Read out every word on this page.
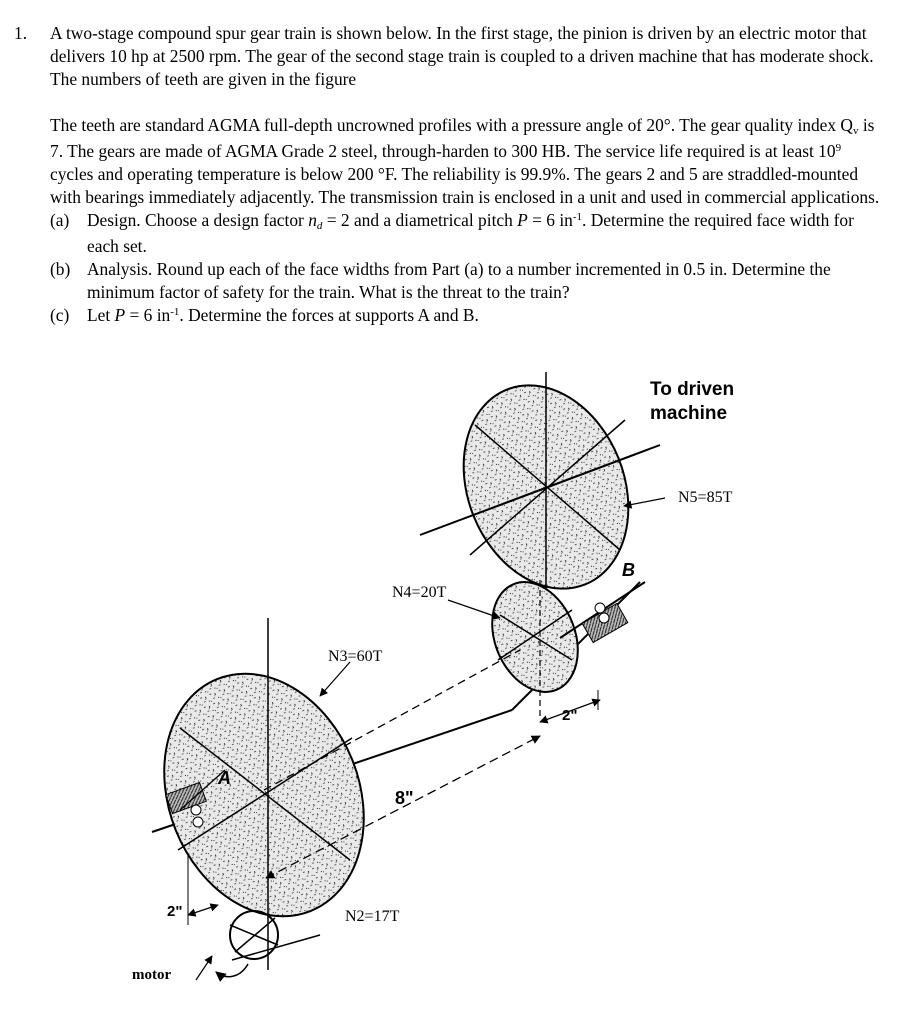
1. A two-stage compound spur gear train is shown below. In the first stage, the pinion is driven by an electric motor that delivers 10 hp at 2500 rpm. The gear of the second stage train is coupled to a driven machine that has moderate shock. The numbers of teeth are given in the figure
The teeth are standard AGMA full-depth uncrowned profiles with a pressure angle of 20°. The gear quality index $Q_v$ is 7. The gears are made of AGMA Grade 2 steel, through-harden to 300 HB. The service life required is at least $10^9$ cycles and operating temperature is below 200 °F. The reliability is 99.9%. The gears 2 and 5 are straddled-mounted with bearings immediately adjacently. The transmission train is enclosed in a unit and used in commercial applications.
(a) Design. Choose a design factor $n_d = 2$ and a diametrical pitch P = 6 $in^{-1}$. Determine the required face width for each set.
(b) Analysis. Round up each of the face widths from Part (a) to a number incremented in 0.5 in. Determine the minimum factor of safety for the train. What is the threat to the train?
(c) Let P = 6 $in^{-1}$. Determine the forces at supports A and B.
To driven
machine
N5=85T
N4=20T
N3=60T
N2=17T
8"
2"
2"
A
B
motor
